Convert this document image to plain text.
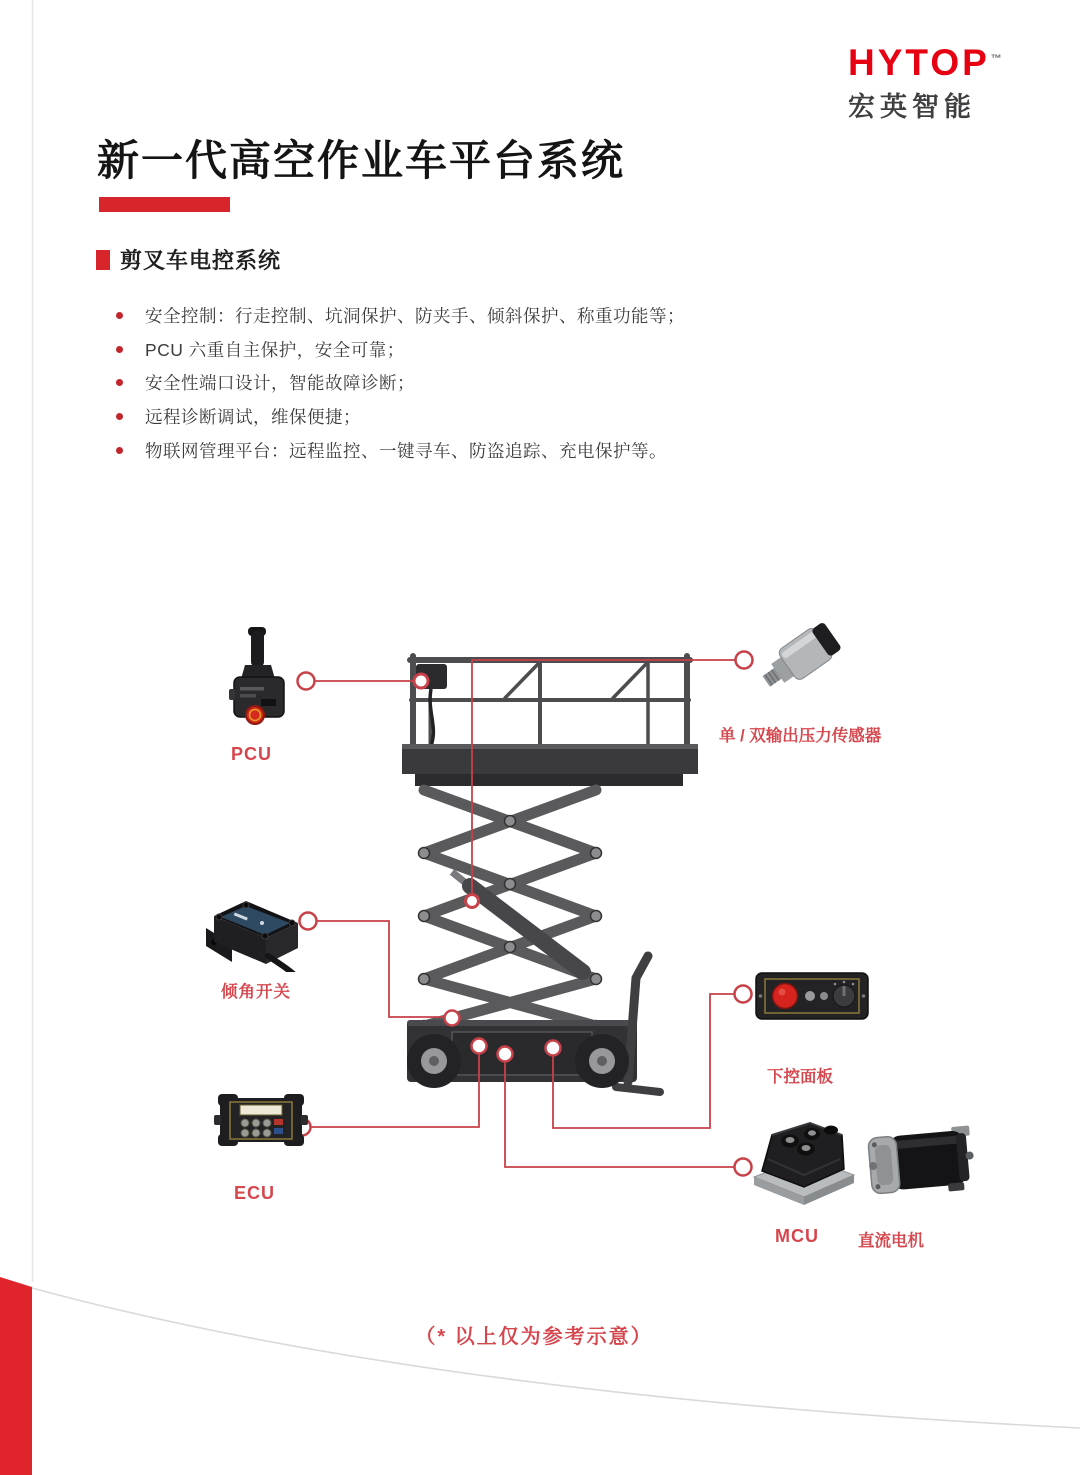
HYTOP™
宏英智能
新一代高空作业车平台系统
剪叉车电控系统
安全控制：行走控制、坑洞保护、防夹手、倾斜保护、称重功能等；
PCU 六重自主保护，安全可靠；
安全性端口设计，智能故障诊断；
远程诊断调试，维保便捷；
物联网管理平台：远程监控、一键寻车、防盗追踪、充电保护等。
PCU
单 / 双输出压力传感器
倾角开关
下控面板
ECU
MCU 直流电机
（* 以上仅为参考示意）
